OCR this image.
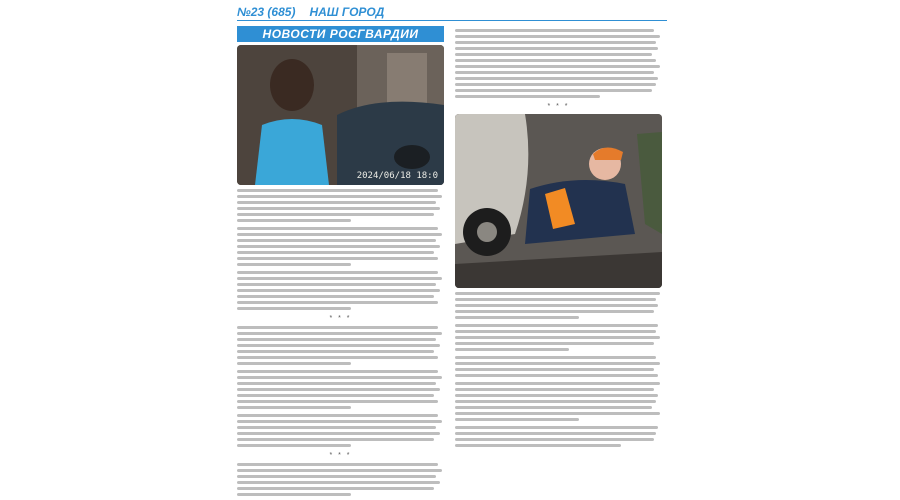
№23 (685) НАШ ГОРОД
НОВОСТИ РОСГВАРДИИ
2024/06/18 18:0
* * *
* * *
* * *
